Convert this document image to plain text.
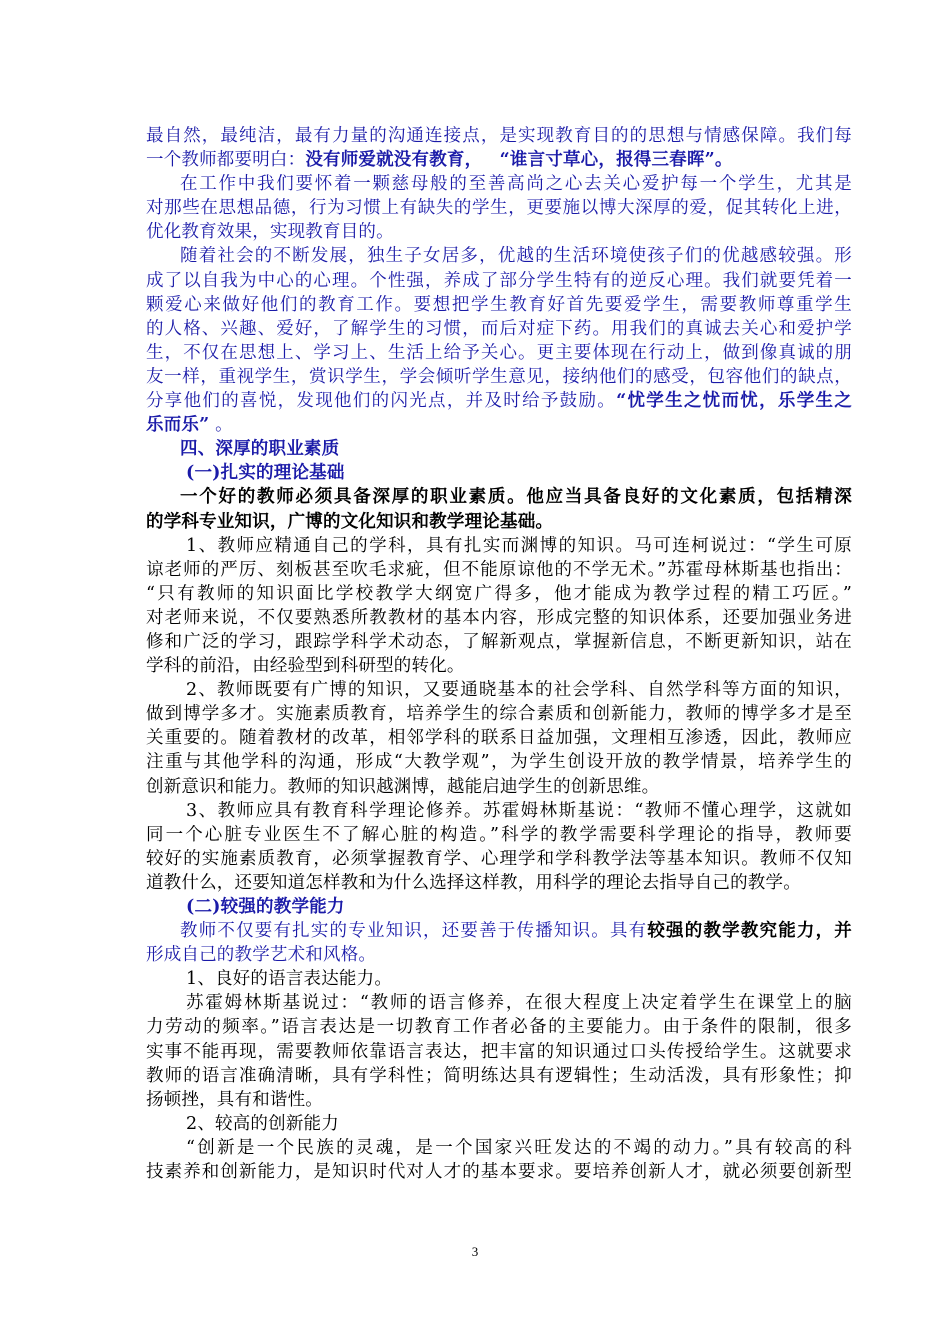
最自然，最纯洁，最有力量的沟通连接点，是实现教育目的的思想与情感保障。我们每
一个教师都要明白：没有师爱就没有教育， “谁言寸草心，报得三春晖”。
在工作中我们要怀着一颗慈母般的至善高尚之心去关心爱护每一个学生，尤其是
对那些在思想品德，行为习惯上有缺失的学生，更要施以博大深厚的爱，促其转化上进，
优化教育效果，实现教育目的。
随着社会的不断发展，独生子女居多，优越的生活环境使孩子们的优越感较强。形
成了以自我为中心的心理。个性强，养成了部分学生特有的逆反心理。我们就要凭着一
颗爱心来做好他们的教育工作。要想把学生教育好首先要爱学生，需要教师尊重学生
的人格、兴趣、爱好，了解学生的习惯，而后对症下药。用我们的真诚去关心和爱护学
生，不仅在思想上、学习上、生活上给予关心。更主要体现在行动上，做到像真诚的朋
友一样，重视学生，赏识学生，学会倾听学生意见，接纳他们的感受，包容他们的缺点，
分享他们的喜悦，发现他们的闪光点，并及时给予鼓励。“忧学生之忧而忧，乐学生之
乐而乐” 。
四、深厚的职业素质
(一)扎实的理论基础
一个好的教师必须具备深厚的职业素质。他应当具备良好的文化素质，包括精深
的学科专业知识，广博的文化知识和教学理论基础。
1、教师应精通自己的学科，具有扎实而渊博的知识。马可连柯说过：“学生可原
谅老师的严厉、刻板甚至吹毛求疵，但不能原谅他的不学无术。”苏霍母林斯基也指出：
“只有教师的知识面比学校教学大纲宽广得多，他才能成为教学过程的精工巧匠。”
对老师来说，不仅要熟悉所教教材的基本内容，形成完整的知识体系，还要加强业务进
修和广泛的学习，跟踪学科学术动态，了解新观点，掌握新信息，不断更新知识，站在
学科的前沿，由经验型到科研型的转化。
2、教师既要有广博的知识，又要通晓基本的社会学科、自然学科等方面的知识，
做到博学多才。实施素质教育，培养学生的综合素质和创新能力，教师的博学多才是至
关重要的。随着教材的改革，相邻学科的联系日益加强，文理相互渗透，因此，教师应
注重与其他学科的沟通，形成“大教学观”，为学生创设开放的教学情景，培养学生的
创新意识和能力。教师的知识越渊博，越能启迪学生的创新思维。
3、教师应具有教育科学理论修养。苏霍姆林斯基说：“教师不懂心理学，这就如
同一个心脏专业医生不了解心脏的构造。”科学的教学需要科学理论的指导，教师要
较好的实施素质教育，必须掌握教育学、心理学和学科教学法等基本知识。教师不仅知
道教什么，还要知道怎样教和为什么选择这样教，用科学的理论去指导自己的教学。
(二)较强的教学能力
教师不仅要有扎实的专业知识，还要善于传播知识。具有较强的教学教究能力，并
形成自己的教学艺术和风格。
1、良好的语言表达能力。
苏霍姆林斯基说过：“教师的语言修养，在很大程度上决定着学生在课堂上的脑
力劳动的频率。”语言表达是一切教育工作者必备的主要能力。由于条件的限制，很多
实事不能再现，需要教师依靠语言表达，把丰富的知识通过口头传授给学生。这就要求
教师的语言准确清晰，具有学科性；简明练达具有逻辑性；生动活泼，具有形象性；抑
扬顿挫，具有和谐性。
2、较高的创新能力
“创新是一个民族的灵魂，是一个国家兴旺发达的不竭的动力。”具有较高的科
技素养和创新能力，是知识时代对人才的基本要求。要培养创新人才，就必须要创新型
3
